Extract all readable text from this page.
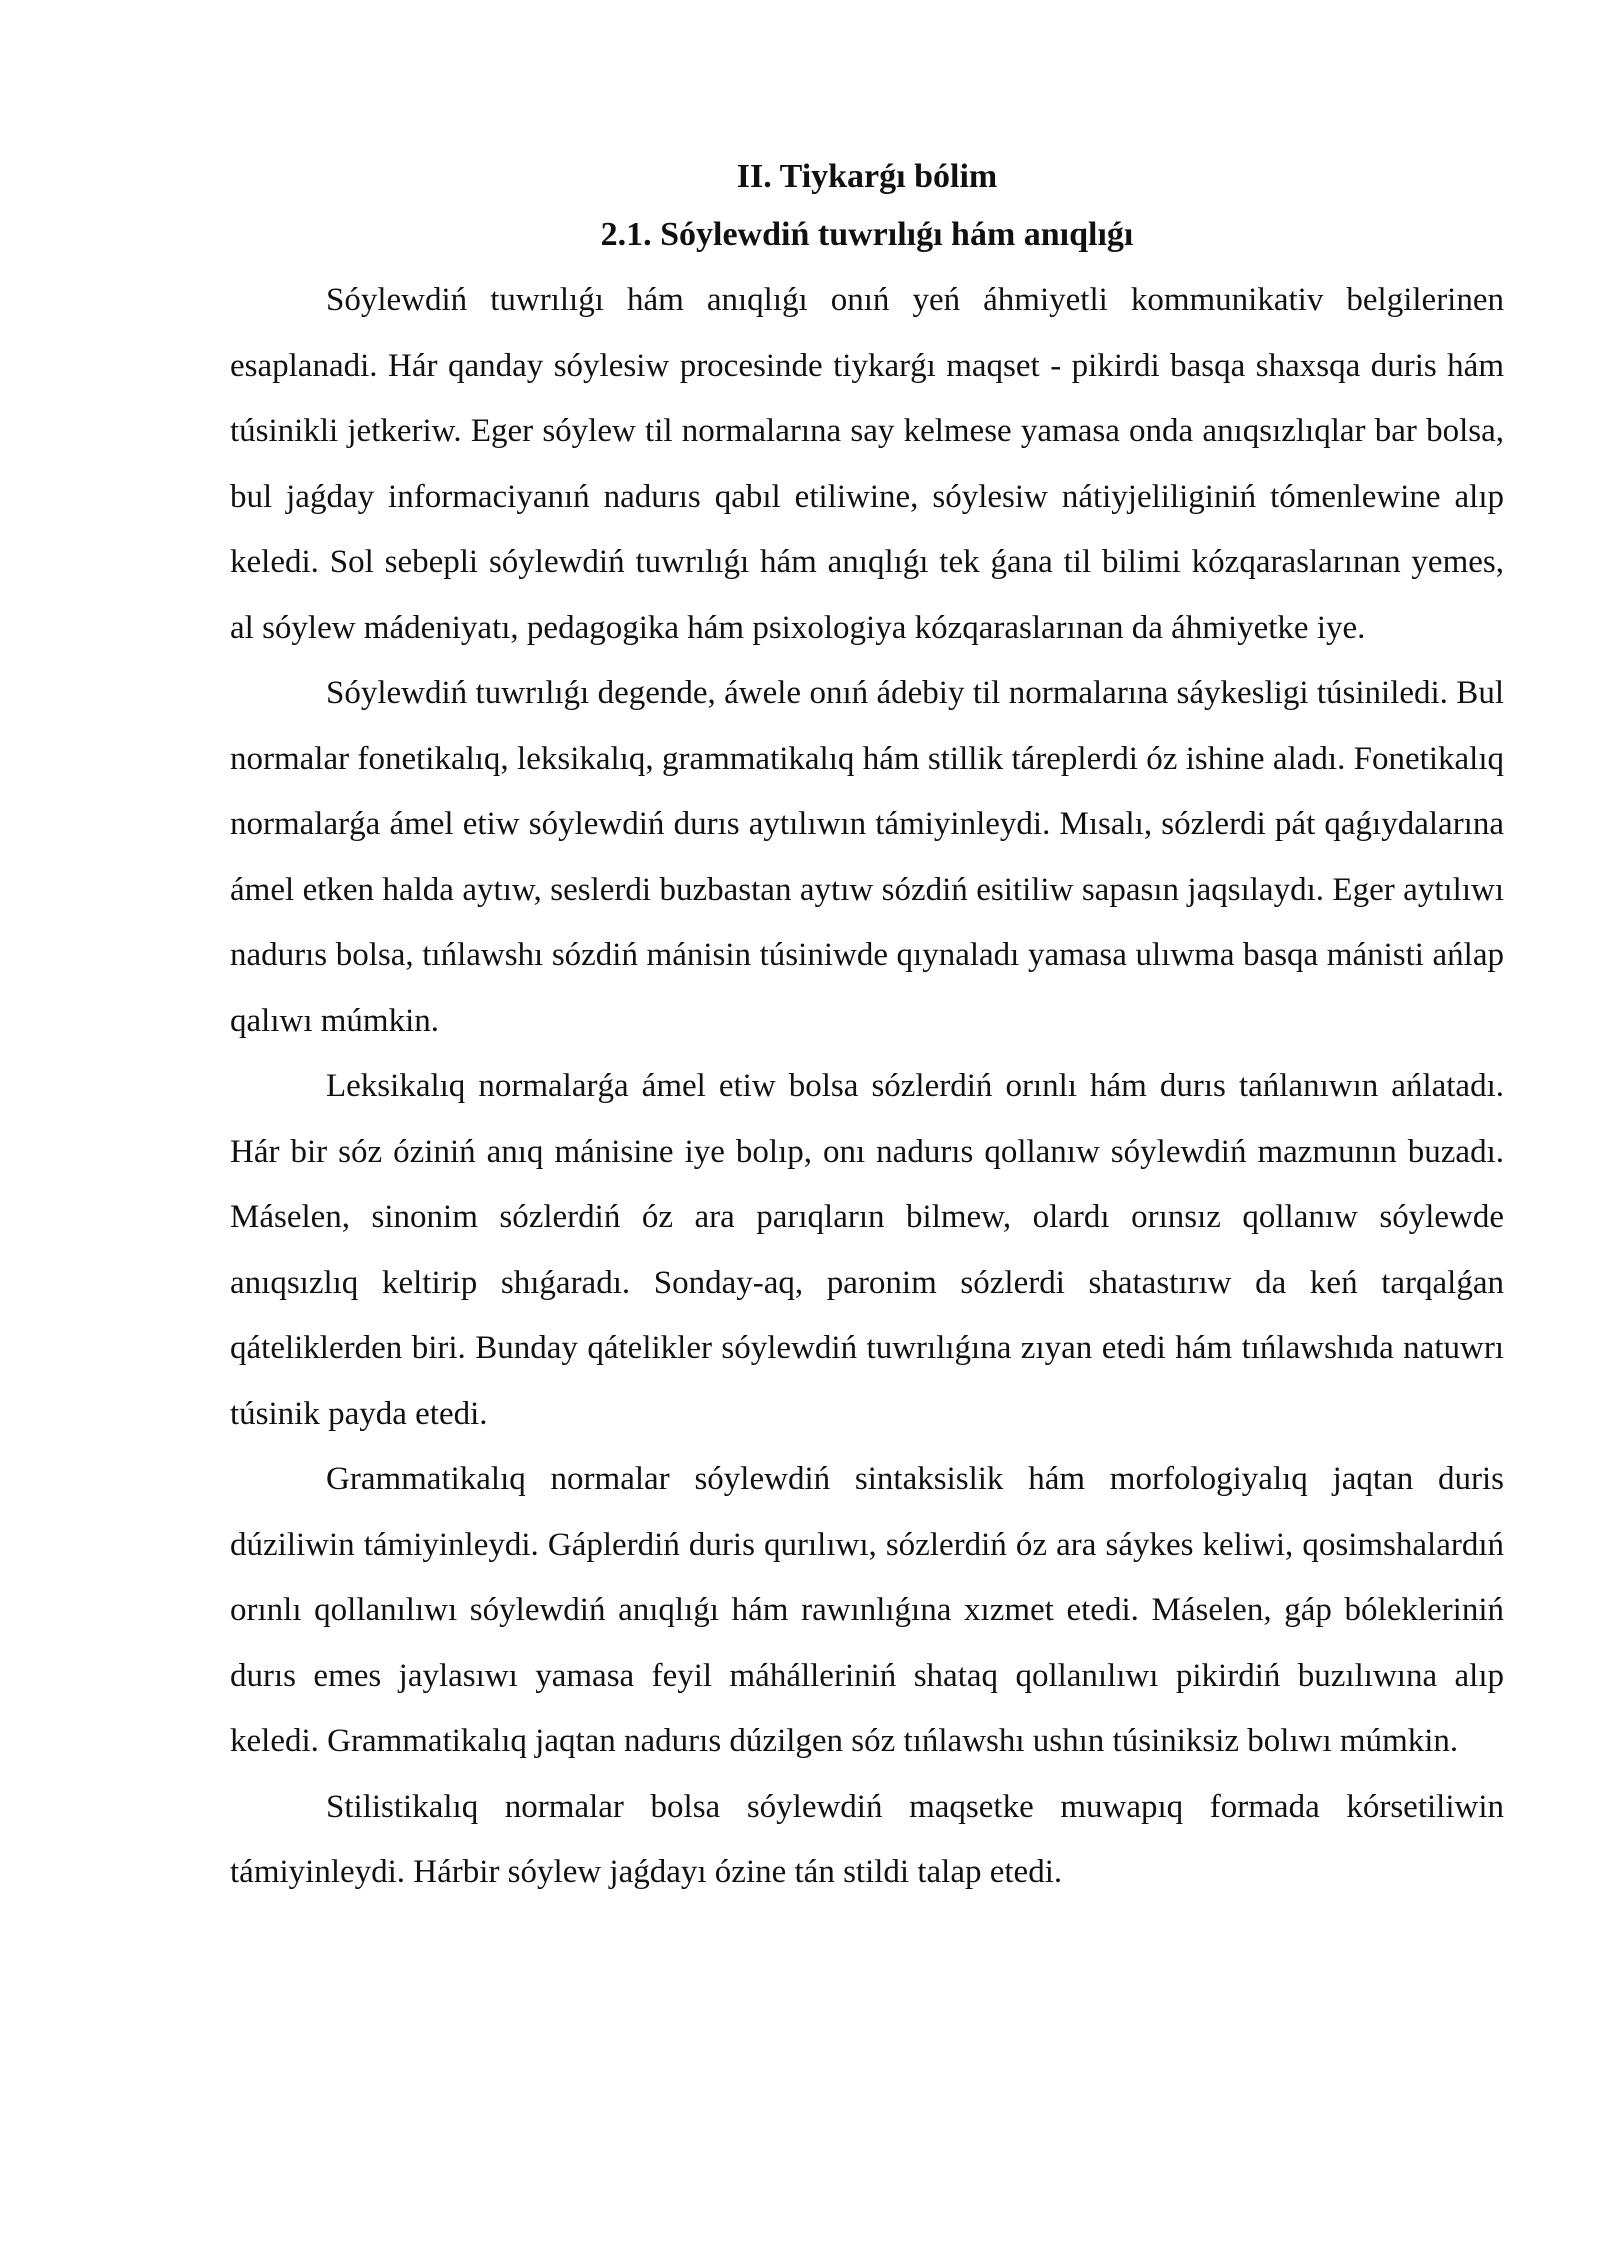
II. Tiykarǵı bólim
2.1. Sóylewdiń tuwrılıǵı hám anıqlıǵı

Sóylewdiń tuwrılıǵı hám anıqlıǵı onıń yeń áhmiyetli kommunikativ belgilerinen esaplanadi. Hár qanday sóylesiw procesinde tiykarǵı maqset - pikirdi basqa shaxsqa duris hám túsinikli jetkeriw. Eger sóylew til normalarına say kelmese yamasa onda anıqsızlıqlar bar bolsa, bul jaǵday informaciyanıń nadurıs qabıl etiliwine, sóylesiw nátiyjeliliginiń tómenlewine alıp keledi. Sol sebepli sóylewdiń tuwrılıǵı hám anıqlıǵı tek ǵana til bilimi kózqaraslarınan yemes, al sóylew mádeniyatı, pedagogika hám psixologiya kózqaraslarınan da áhmiyetke iye.

Sóylewdiń tuwrılıǵı degende, áwele onıń ádebiy til normalarına sáykesligi túsiniledi. Bul normalar fonetikalıq, leksikalıq, grammatikalıq hám stillik táreplerdi óz ishine aladı. Fonetikalıq normalarǵa ámel etiw sóylewdiń durıs aytılıwın támiyinleydi. Mısalı, sózlerdi pát qaǵıydalarına ámel etken halda aytıw, seslerdi buzbastan aytıw sózdiń esitiliw sapasın jaqsılaydı. Eger aytılıwı nadurıs bolsa, tıńlawshı sózdiń mánisin túsiniwde qıynaladı yamasa ulıwma basqa mánisti ańlap qalıwı múmkin.

Leksikalıq normalarǵa ámel etiw bolsa sózlerdiń orınlı hám durıs tańlanıwın ańlatadı. Hár bir sóz óziniń anıq mánisine iye bolıp, onı nadurıs qollanıw sóylewdiń mazmunın buzadı. Máselen, sinonim sózlerdiń óz ara parıqların bilmew, olardı orınsız qollanıw sóylewde anıqsızlıq keltirip shıǵaradı. Sonday-aq, paronim sózlerdi shatastırıw da keń tarqalǵan qáteliklerden biri. Bunday qátelikler sóylewdiń tuwrılıǵına zıyan etedi hám tıńlawshıda natuwrı túsinik payda etedi.

Grammatikalıq normalar sóylewdiń sintaksislik hám morfologiyalıq jaqtan duris dúziliwin támiyinleydi. Gáplerdiń duris qurılıwı, sózlerdiń óz ara sáykes keliwi, qosimshalardıń orınlı qollanılıwı sóylewdiń anıqlıǵı hám rawınlıǵına xızmet etedi. Máselen, gáp bólekleriniń durıs emes jaylasıwı yamasa feyil máhálleriniń shataq qollanılıwı pikirdiń buzılıwına alıp keledi. Grammatikalıq jaqtan nadurıs dúzilgen sóz tıńlawshı ushın túsiniksiz bolıwı múmkin.

Stilistikalıq normalar bolsa sóylewdiń maqsetke muwapıq formada kórsetiliwin támiyinleydi. Hárbir sóylew jaǵdayı ózine tán stildi talap etedi.
